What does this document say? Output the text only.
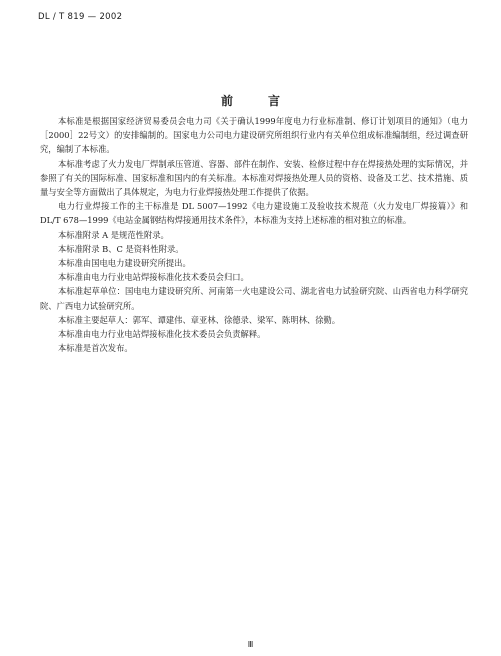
DL / T 819 — 2002
前	言

本标准是根据国家经济贸易委员会电力司《关于确认1999年度电力行业标准制、修订计划项目的通知》（电力［2000］22号文）的安排编制的。国家电力公司电力建设研究所组织行业内有关单位组成标准编制组，经过调查研究，编制了本标准。

本标准考虑了火力发电厂焊制承压管道、容器、部件在制作、安装、检修过程中存在焊接热处理的实际情况，并参照了有关的国际标准、国家标准和国内的有关标准。本标准对焊接热处理人员的资格、设备及工艺、技术措施、质量与安全等方面做出了具体规定，为电力行业焊接热处理工作提供了依据。

电力行业焊接工作的主干标准是 DL 5007—1992《电力建设施工及验收技术规范（火力发电厂焊接篇）》和 DL/T 678—1999《电站金属钢结构焊接通用技术条件》，本标准为支持上述标准的相对独立的标准。

本标准附录 A 是规范性附录。

本标准附录 B、C 是资料性附录。

本标准由国电电力建设研究所提出。

本标准由电力行业电站焊接标准化技术委员会归口。

本标准起草单位：国电电力建设研究所、河南第一火电建设公司、湖北省电力试验研究院、山西省电力科学研究院、广西电力试验研究所。

本标准主要起草人：郭军、谭建伟、章亚林、徐德录、梁军、陈明林、徐勤。

本标准由电力行业电站焊接标准化技术委员会负责解释。

本标准是首次发布。

Ⅲ
